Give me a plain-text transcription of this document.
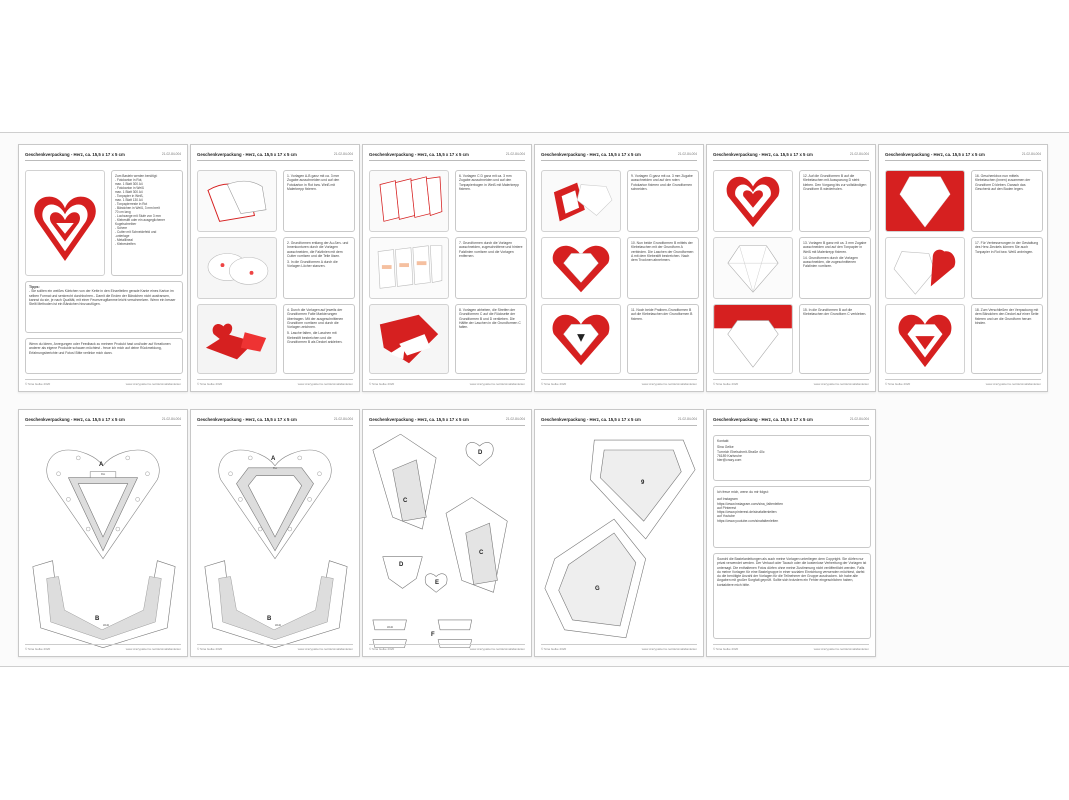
Geschenkverpackung - Herz, ca. 15,5 x 17 x 5 cm	21-02-84-004
Zum Basteln werden benötigt:
- Fotokarton in Rot,
max. 1 Blatt 300 A4
- Fotokarton in Weiß
max. 1 Blatt 300 A4
- Tonpapier in Weiß,
max. 1 Blatt 130 A4
- Tonpapierreste in Rot
- Bändchen in Weiß, 3 mm breit
70 cm lang
- Lochzange mit Stufe von 3 mm
- Klebestift oder ein ausgeglichener
Kugelschreiber
- Schere
- Cutter mit Schneidefeld und
-unterlage
- Metalllineal
- Klebestreifen
Tipps:
- Sie sollten ein weißes Kärtchen von der Kette in den Einzelteilen gerade Kante eines Karton im selben Format und senkrecht durchbohren.- Damit die Enden der Bändchen nicht ausfransen, kannst du sie, je nach Qualität, mit einer Feuerzeugflamme leicht verschmelzen. Wenn ein besser Stellt Methoden ist ein Bändchen hinzuzufügen.
Wenn du Ideen, Anregungen oder Feedback zu meinem Produkt hast und/oder auf Kreationen anderer als eigene Produkte schauen möchtest - freue ich mich auf deine Rückmeldung, Erfahrungsberichte und Fotos! Bitte verlinke mich dann.
© Sina Gelke 2020	www.crazypatterns.net/de/sinafaltanleiten
Geschenkverpackung - Herz, ca. 15,5 x 17 x 5 cm	21-02-84-004
1. Vorlagen A-B ganz mit ca. 3 mm Zugabe ausschneiden und auf den Fotokarton in Rot bzw. Weiß mit Malerkrepp fixieren.
2. Grundformen entlang der Au-ßen- und Innenkonturen durch die Vorlagen ausschneiden, die Falzlinien mit dem Cutter vorritzen und die Teile lösen.
3. In die Grundformen A durch die Vorlagen Löcher stanzen.
4. Durch die Vorlagen auf jeweils der Grundformen Falte Markierungen übertragen. Mit der ausgeschnittenen Grundform vorritzen und durch die Vorlagen zeichnen.
5. Lasche falten, die Laschen mit Klebestift bestreichen und die Grundformen B als Deckel ankleben.
© Sina Gelke 2020	www.crazypatterns.net/de/sinafaltanleiten
Geschenkverpackung - Herz, ca. 15,5 x 17 x 5 cm	21-02-84-004
6. Vorlagen C D ganz mit ca. 3 mm Zugabe ausschneiden und auf den Tonpapierbogen in Weiß mit Malerkrepp fixieren.
7. Grundformen durch die Vorlagen ausschneiden, zugeschnittene und hintere Falzlinien vorritzen und die Vorlagen entfernen.
8. Vorlagen abheben, die Streifen der Grundformen C auf die Rückseite der Grundformen B und D verkleben. Die Hälfte der Laschen in die Grundformen C falten.
© Sina Gelke 2020	www.crazypatterns.net/de/sinafaltanleiten
Geschenkverpackung - Herz, ca. 15,5 x 17 x 5 cm	21-02-84-004
9. Vorlagen G ganz mit ca. 3 mm Zugabe ausschneiden und auf den roten Fotokarton fixieren und die Grundformen schneiden.
10. Nun beide Grundformen B mittels der Klebelaschen mit der Grundform A verbinden. Die Laschen der Grundformen A mit dem Klebestift bestreichen. Nach dem Trocknen abnehmen.
11. Noch beide Pralinen-Grundformen B auf die Klebelaschen der Grundformen B fixieren.
© Sina Gelke 2020	www.crazypatterns.net/de/sinafaltanleiten
Geschenkverpackung - Herz, ca. 15,5 x 17 x 5 cm	21-02-84-004
12. Auf die Grundformen B auf die Klebelaschen mit Aussparung D steht kleben. Den Vorgang bis zur vollständigen Grundform B wiederholen.
13. Vorlagen B ganz mit ca. 3 mm Zugabe ausschneiden und auf den Tonpapier in Weiß mit Malerkrepp fixieren.
14. Grundformen durch die Vorlagen ausschneiden, die zugeschnittenen Falzlinien vorritzen.
15. In die Grundformen B auf die Klebelaschen der Grundform C verkleben.
© Sina Gelke 2020	www.crazypatterns.net/de/sinafaltanleiten
Geschenkverpackung - Herz, ca. 15,5 x 17 x 5 cm	21-02-84-004
16. Geschenkbox nun mittels Klebelaschen (innen) zusammen der Grundform D kleben. Danach das Geschenk auf den Boden legen.
17. Für Verbesserungen in der Gestaltung des Herz-Deckels können Sie auch Tonpapier in Rot bzw. Weiß anbringen.
18. Zum Verschließen der Verpackung mit dem Bändchen den Deckel auf einer Seite fixieren und um die Grundform herum binden.
© Sina Gelke 2020	www.crazypatterns.net/de/sinafaltanleiten
Geschenkverpackung - Herz, ca. 15,5 x 17 x 5 cm	21-02-84-004
A
Rot
B
Weiß
© Sina Gelke 2020	www.crazypatterns.net/de/sinafaltanleiten
Geschenkverpackung - Herz, ca. 15,5 x 17 x 5 cm	21-02-84-004
A
Rot
B
Weiß
© Sina Gelke 2020	www.crazypatterns.net/de/sinafaltanleiten
Geschenkverpackung - Herz, ca. 15,5 x 17 x 5 cm	21-02-84-004
C
D
E
D
C
F
Weiß
© Sina Gelke 2020	www.crazypatterns.net/de/sinafaltanleiten
Geschenkverpackung - Herz, ca. 15,5 x 17 x 5 cm	21-02-84-004
9
G
© Sina Gelke 2020	www.crazypatterns.net/de/sinafaltanleiten
Geschenkverpackung - Herz, ca. 15,5 x 17 x 5 cm	21-02-84-004
Kontakt
Sina Gelke
Turnrich Ebelschmit-Straße 40c
76189 Karlsruhe
hier@crazy.com
Ich freue mich, wenn du mir folgst:
auf Instagram
https://www.instagram.com/sina_faltenleiten
auf Pinterest
https://www.pinterest.de/sinafaltenleiten
auf Youtube
https://www.youtube.com/sinafaltenleiten
Sowohl die Bastelanleitungen als auch meine Vorlagen unterliegen dem Copyright. Sie dürfen nur privat verwendet werden. Der Verkauf oder Tausch oder die kostenlose Verbreitung der Vorlagen ist untersagt. Die enthaltenen Fotos dürfen ohne meine Zustimmung nicht veröffentlicht werden. Falls du meine Vorlagen für eine Bastelgruppe in einer sozialen Einrichtung verwenden möchtest, darfst du die benötigte Anzahl der Vorlagen für die Teilnehmer der Gruppe ausdrucken. Ich habe alle Angaben mit großer Sorgfalt geprüft. Sollte sich trotzdem ein Fehler eingeschlichen haben, kontaktiere mich bitte.
© Sina Gelke 2020	www.crazypatterns.net/de/sinafaltanleiten
